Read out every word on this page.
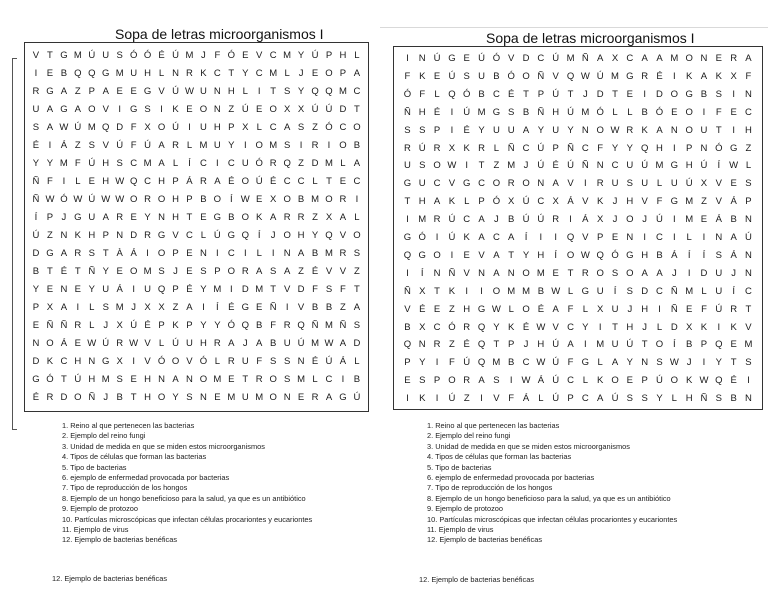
Sopa de letras microorganismos I	Sopa de letras microorganismos I
V T G M Ú U S Ó Ó É Ú M J F Ó E V C M Y Ú P H L
I E B Q Q G M U H L N R K C T Y C M L J E O P A
R G A Z P A E E G V Ú W U N H L	I	T S Y Q Q M C
U A G A O V I G S I K E O N Z Ú E O X X Ú Ú D T
S A W Ú M Q D F X O Ú I U H P X L C A S Z Ó C O
É I Á Z S V Ú F Ú A R L M U Y I O M S I R I O B
Y Y M F Ú H S C M A L	Í C I C U Ó R Q Z D M L A
Ñ F	I	L E H W Q C H P Á R A É O Ú É C C L T E C
Ñ W Ó W Ú W W O R O H P B O Í W E X O B M O R I
Í P J G U A R E Y N H T E G B O K A R R Z X A L
Ú Z N K H P N D R G V C L Ú G Q Í	J O H Y Q V O
D G A R S T À Á I O P E N I C I	L	I N A B M R S
B T É T Ñ Y E O M S J E S P O R A S A Z É V V Z
Y E N E Y U Á I U Q P É Y M I D M T V D F S F T
P X A I	L S M J X X Z A I	Í É G E Ñ I V B B Z A
E Ñ Ñ R L J X Ú É P K P Y Y Ó Q B F R Q Ñ M Ñ S
N O Á E W Ú R W V L Ú U H R A J A B U Ú M W A D
D K C H N G X I V Ó O V Ó L R U F S S N É Ú Á L
G Ó T Ú H M S E H N A N O M E T R O S M L C I B
É R D O Ñ J B T H O Y S N E M U M O N E R A G Ú
I	N Ú G E Ú Ó V D C Ú M Ñ A X C A A M O N E R A
F K E Ú S U B Ó O Ñ V Q W Ú M G R É	I	K A K X F
Ó F L Q Ó B C É T P Ú T	J D T E	I	D O G B S	I	N
Ñ H É	I	Ú M G S B Ñ H Ú M Ó L	L B Ó E O	I	F E C
S S P	I	É Y U U A Y U Y N O W R K A N O U T	I	H
R Ú R X K R L Ñ C Ú P Ñ C F Y Y Q H	I	P N Ó G Z
U S O W I	T Z M J Ú É Ú Ñ N C U Ú M G H Ú	Í W L
G U C V G C O R O N A V	I	R U S U L U Ú X V E S
T H A K L P Ó X Ú C X Á V K J H V F G M Z V Á P
I	M R Ú C A J B Ú Ú R	I	Á X J O J Ú	I	M E Á B N
G Ó	I	Ú K A C A	Í	I	I	Q V P E N	I	C	I	L	I	N A Ú
Q G O	I	E V A T Y H	Í	O W Q Ó G H B Á	Í	Í	S Á N
I	Í	N Ñ V N A N O M E T R O S O A A J	I	D U J N
Ñ X T K	I	I	O M M B W L G U	Í	S D C Ñ M L U	Í	C
V É E Z H G W L O É A F L X U J H	I	Ñ E F Ú R T
B X C Ó R Q Y K É W V C Y	I	T H J	L D X K	I	K V
Q N R Z É Q T P J H Ú A	I	M U Ú T O	Í	B P Q E M
P Y	I	F Ú Q M B C W Ú F G L A Y N S W J	I	Y T S
E S P O R A S	I W Á Ú C L K O E P Ú O K W Q É	I
I	K	I	Ú Z	I	V F Á L Ú P C A Ú S S Y L H Ñ S B N
1. Reino al que pertenecen las bacterias
2. Ejemplo del reino fungi
3. Unidad de medida en que se miden estos microorganismos
4. Tipos de células que forman las bacterias
5. Tipo de bacterias
6. ejemplo de enfermedad provocada por bacterias
7. Tipo de reproducción de los hongos
8. Ejemplo de un hongo beneficioso para la salud, ya que es un antibiótico
9. Ejemplo de protozoo
10. Partículas microscópicas que infectan células procariontes y eucariontes
11. Ejemplo de virus
12. Ejemplo de bacterias benéficas
12. Ejemplo de bacterias benéficas
1. Reino al que pertenecen las bacterias
2. Ejemplo del reino fungi
3. Unidad de medida en que se miden estos microorganismos
4. Tipos de células que forman las bacterias
5. Tipo de bacterias
6. ejemplo de enfermedad provocada por bacterias
7. Tipo de reproducción de los hongos
8. Ejemplo de un hongo beneficioso para la salud, ya que es un antibiótico
9. Ejemplo de protozoo
10. Partículas microscópicas que infectan células procariontes y eucariontes
11. Ejemplo de virus
12. Ejemplo de bacterias benéficas
12. Ejemplo de bacterias benéficas
